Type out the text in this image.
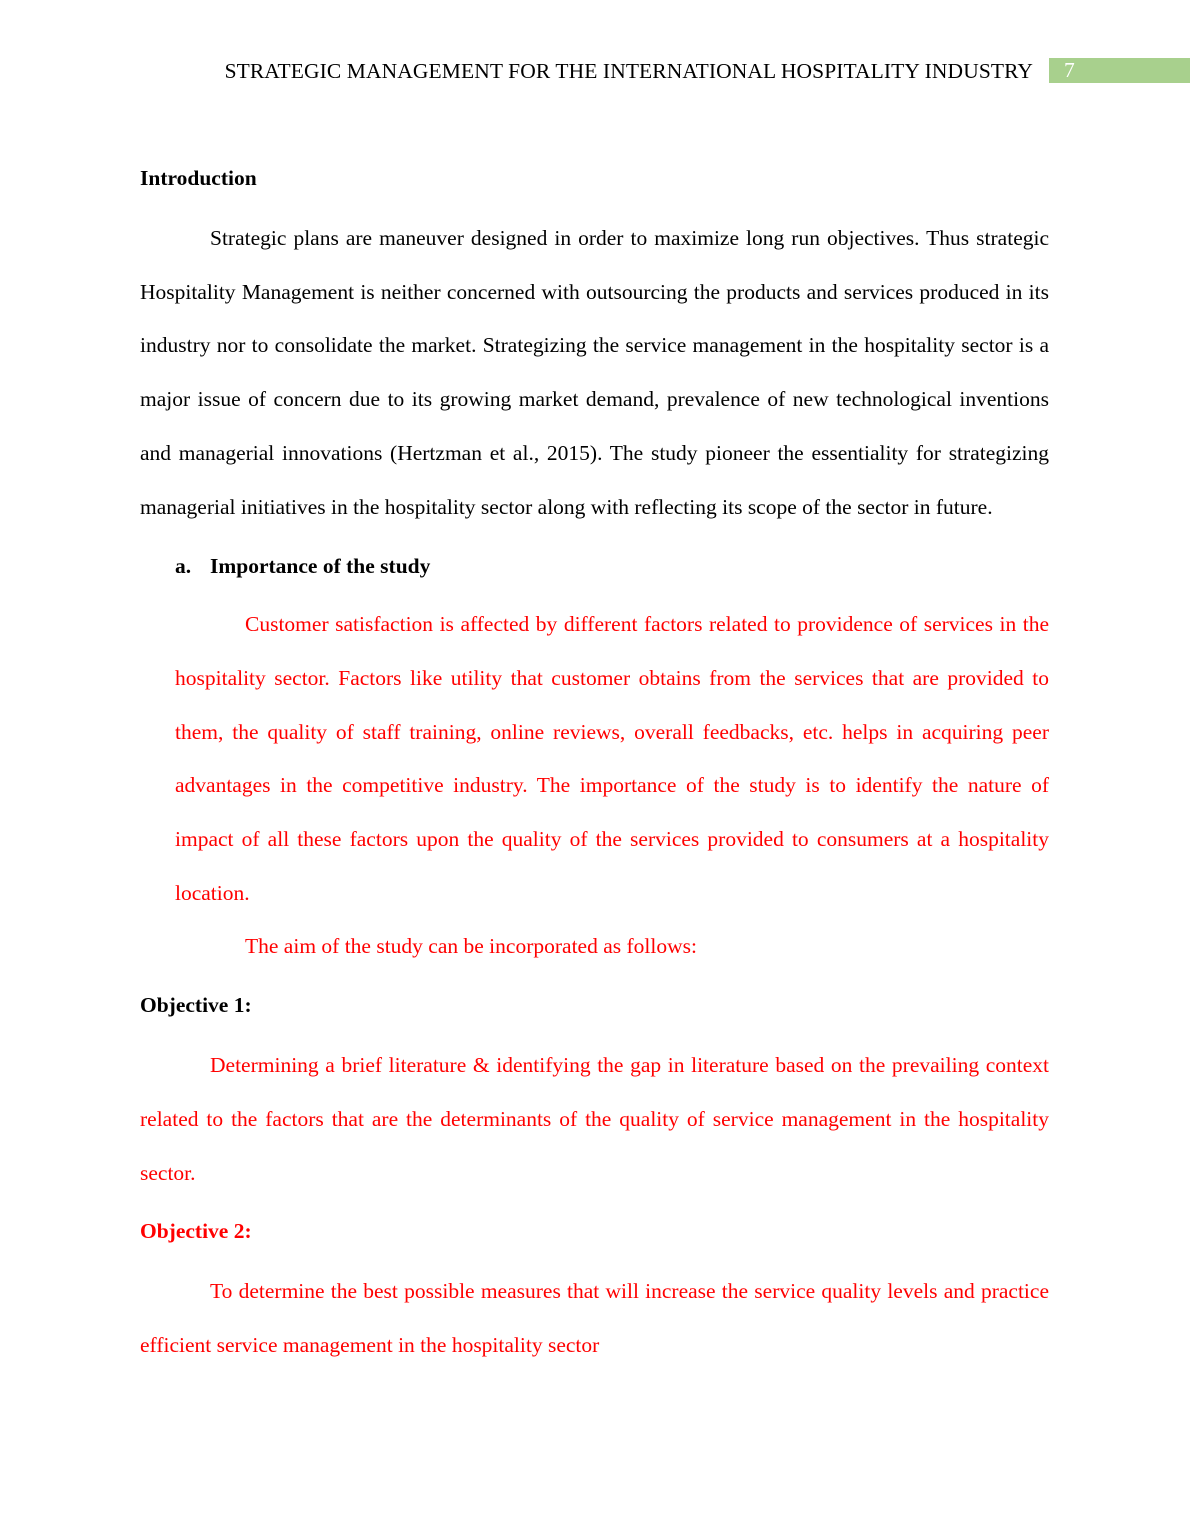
STRATEGIC MANAGEMENT FOR THE INTERNATIONAL HOSPITALITY INDUSTRY 7

Introduction

Strategic plans are maneuver designed in order to maximize long run objectives. Thus strategic Hospitality Management is neither concerned with outsourcing the products and services produced in its industry nor to consolidate the market. Strategizing the service management in the hospitality sector is a major issue of concern due to its growing market demand, prevalence of new technological inventions and managerial innovations (Hertzman et al., 2015). The study pioneer the essentiality for strategizing managerial initiatives in the hospitality sector along with reflecting its scope of the sector in future.

a. Importance of the study

Customer satisfaction is affected by different factors related to providence of services in the hospitality sector. Factors like utility that customer obtains from the services that are provided to them, the quality of staff training, online reviews, overall feedbacks, etc. helps in acquiring peer advantages in the competitive industry. The importance of the study is to identify the nature of impact of all these factors upon the quality of the services provided to consumers at a hospitality location.

The aim of the study can be incorporated as follows:

Objective 1:

Determining a brief literature & identifying the gap in literature based on the prevailing context related to the factors that are the determinants of the quality of service management in the hospitality sector.

Objective 2:

To determine the best possible measures that will increase the service quality levels and practice efficient service management in the hospitality sector
